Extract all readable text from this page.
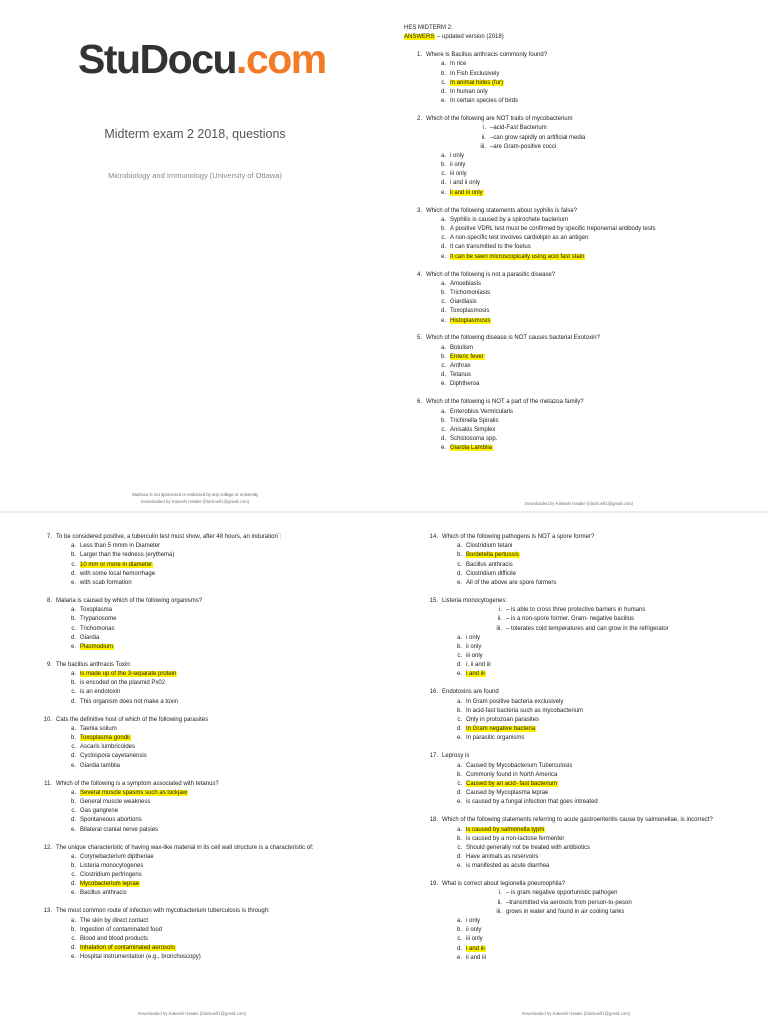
StuDocu.com
Midterm exam 2 2018, questions
Microbiology and Immunology (University of Ottawa)
StuDocu is not sponsored or endorsed by any college or university
Downloaded by Kakashi Hatake (blackoelf1@gmail.com)	Downloaded by Kakashi Hatake (blackoelf1@gmail.com)
HES MIDTERM 2:
ANSWERS – updated version (2018)
1. Where is Bacillus anthracis commonly found?
a. In rice
b. In Fish Exclusively
c. In animal hides (fur)
d. In human only
e. In certain species of birds
2. Which of the following are NOT traits of mycobacterium
i. –acid-Fast Bacterium
ii. –can grow rapidly on artificial media
iii. –are Gram-positive cocci
a. i only
b. ii only
c. iii only
d. i and ii only
e. ii and iii only
3. Which of the following statements about syphilis is false?
a. Syphilis is caused by a spirochete bacterium
b. A positive VDRL test must be confirmed by specific treponemal antibody tests
c. A non-specific test involves cardiolipin as an antigen
d. It can transmitted to the foetus
e. It can be seen microscopically using acid fast stain
4. Which of the following is not a parasitic disease?
a. Amoebiasis
b. Trichomoniasis
c. Giardiasis
d. Toxoplasmosis
e. Histoplasmosis
5. Which of the following disease is NOT causes bacterial Exotoxin?
a. Botulism
b. Enteric fever
c. Anthrax
d. Tetanus
e. Diphtheroa
6. Which of the following is NOT a part of the metazoa family?
a. Enterobius Vermicularis
b. Trichinella Spiralis
c. Anisakis Simplex
d. Schistosoma spp.
e. Giardia Lamblia
7. To be considered positive, a tuberculin test must show, after 48 hours, an induration`:
a. Less than 5 mmm in Diameter
b. Larger than the redness (erythema)
c. 10 mm or more in diameter
d. with some local hemorrhage
e. with scab formation
8. Malaria is caused by which of the following organisms?
a. Toxoplasma
b. Trypanosome
c. Trichomonas
d. Giardia
e. Plasmodium
9. The bacillus anthracis Toxin:
a. is made up of the 3-separate protein
b. is encoded on the plasmid Px02
c. is an endotoxin
d. This organism does not make a toxin
10. Cats the definitive host of which of the following parasites
a. Taenia solium
b. Toxoplasma gondii
c. Ascaris lumbricoides
d. Cyclospora cayetanensis
e. Giardia lamblia
11. Which of the following is a symptom associated with tetanus?
a. Several muscle spasms such as lockjaw
b. General muscle weakness
c. Gas gangrene
d. Spontaneous abortions
e. Bilateral cranial nerve palsies
12. The unique characteristic of having wax-like material in its cell wall structure is a characteristic of:
a. Corynebacterium diptheriae
b. Listeria monocytogenes
c. Clostridium perfringens
d. Mycobacterium leprae
e. Bacillus anthracis
13. The most common route of infection with mycobacterium tuberculosis is through:
a. The skin by direct contact
b. Ingestion of contaminated food
c. Blood and blood products
d. Inhalation of contaminated aerosols
e. Hospital instrumentation (e.g., bronchoscopy)
14. Which of the following pathogens is NOT a spore former?
a. Clostridium tetani
b. Bordetella pertussis
c. Bacillus anthracis
d. Clostridium difficile
e. All of the above are spore formers
15. Listeria monocytogenes:
i. – is able to cross three protective barriers in humans
ii. – is a non-spore former, Gram- negative bacillus
iii. – tolerates cold temperatures and can grow in the refrigerator
a. i only
b. ii only
c. iii only
d. i, ii and iii
e. i and iii
16. Endotoxins are found
a. In Gram positive bacteria exclusively
b. In acid-fast bacteria such as mycobacterium
c. Only in protozoan parasites
d. In Gram negative bacteria
e. In parasitic organisms
17. Leprosy is
a. Caused by Mycobacterium Tuberculosis
b. Commonly found in North America
c. Caused by an acid- fast bacterium
d. Caused by Mycoplasma leprae
e. is caused by a fungal infection that goes intreated
18. Which of the following statements referring to acute gastroenteritis cause by salmonellae, is incorrect?
a. is caused by salmonella typhi
b. is caused by a non-lactose fermenter
c. Should generally not be treated with antibiotics
d. Have animals as reservoirs
e. is manifested as acute diarrhea
19. What is correct about legionella pneumophila?
i. – is gram negative opportunistic pathogen
ii. –transmitted via aerosols from person-to-peson
iii. grows in water and found in air cooling tanks
a. i only
b. ii only
c. iii only
d. i and iii
e. ii and iii
Downloaded by Kakashi Hatake (blackoelf1@gmail.com)	Downloaded by Kakashi Hatake (blackoelf1@gmail.com)
